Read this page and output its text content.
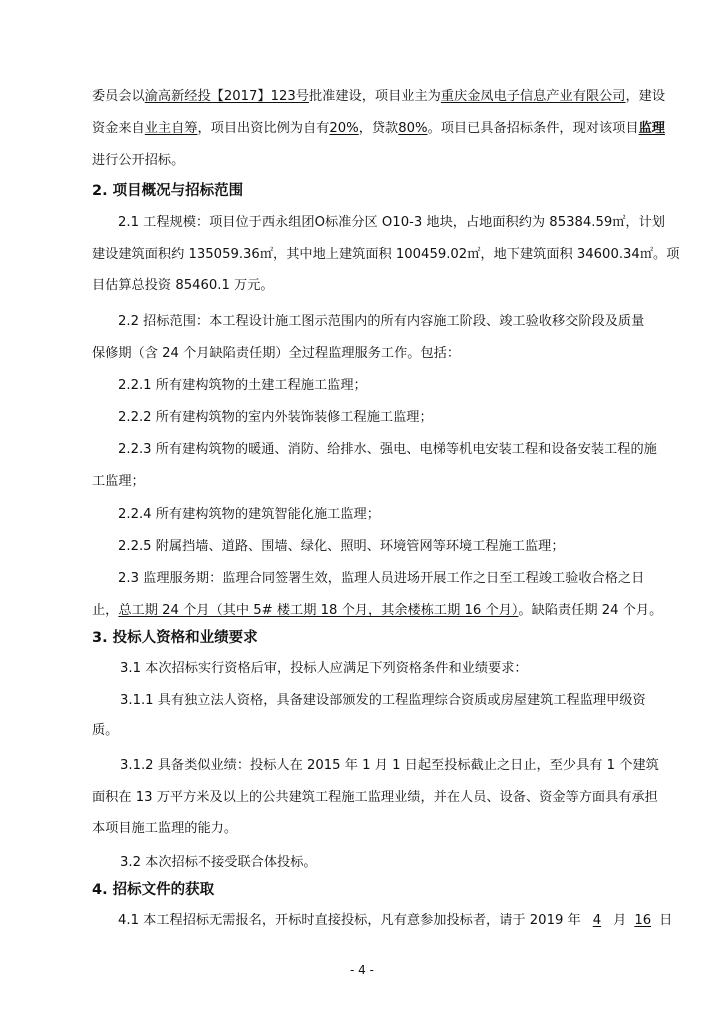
委员会以渝高新经投【2017】123号批准建设，项目业主为重庆金凤电子信息产业有限公司，建设
资金来自业主自筹，项目出资比例为自有20%，贷款80%。项目已具备招标条件，现对该项目监理
进行公开招标。
2. 项目概况与招标范围
2.1 工程规模：项目位于西永组团O标准分区 O10-3 地块，占地面积约为 85384.59㎡，计划
建设建筑面积约 135059.36㎡，其中地上建筑面积 100459.02㎡，地下建筑面积 34600.34㎡。项
目估算总投资 85460.1 万元。
2.2 招标范围：本工程设计施工图示范围内的所有内容施工阶段、竣工验收移交阶段及质量
保修期（含 24 个月缺陷责任期）全过程监理服务工作。包括：
2.2.1 所有建构筑物的土建工程施工监理；
2.2.2 所有建构筑物的室内外装饰装修工程施工监理；
2.2.3 所有建构筑物的暖通、消防、给排水、强电、电梯等机电安装工程和设备安装工程的施
工监理；
2.2.4 所有建构筑物的建筑智能化施工监理；
2.2.5 附属挡墙、道路、围墙、绿化、照明、环境管网等环境工程施工监理；
2.3 监理服务期：监理合同签署生效，监理人员进场开展工作之日至工程竣工验收合格之日
止，总工期 24 个月（其中 5# 楼工期 18 个月，其余楼栋工期 16 个月）。缺陷责任期 24 个月。
3. 投标人资格和业绩要求
3.1 本次招标实行资格后审，投标人应满足下列资格条件和业绩要求：
3.1.1 具有独立法人资格，具备建设部颁发的工程监理综合资质或房屋建筑工程监理甲级资
质。
3.1.2 具备类似业绩：投标人在 2015 年 1 月 1 日起至投标截止之日止，至少具有 1 个建筑
面积在 13 万平方米及以上的公共建筑工程施工监理业绩，并在人员、设备、资金等方面具有承担
本项目施工监理的能力。
3.2 本次招标不接受联合体投标。
4. 招标文件的获取
4.1 本工程招标无需报名，开标时直接投标，凡有意参加投标者，请于 2019 年 4 月 16 日
- 4 -
